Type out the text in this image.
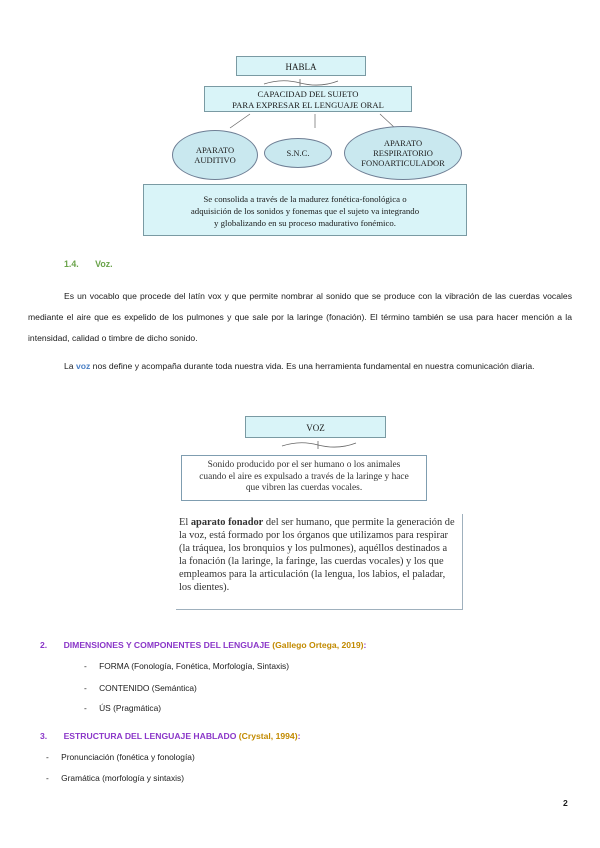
HABLA
CAPACIDAD DEL SUJETO
PARA EXPRESAR EL LENGUAJE ORAL
APARATO
AUDITIVO
S.N.C.
APARATO
RESPIRATORIO
FONOARTICULADOR
Se consolida a través de la madurez fonética-fonológica o
adquisición de los sonidos y fonemas que el sujeto va integrando
y globalizando en su proceso madurativo fonémico.
1.4. Voz.
Es un vocablo que procede del latín vox y que permite nombrar al sonido que se produce con la vibración de las cuerdas vocales mediante el aire que es expelido de los pulmones y que sale por la laringe (fonación). El término también se usa para hacer mención a la intensidad, calidad o timbre de dicho sonido.
La voz nos define y acompaña durante toda nuestra vida. Es una herramienta fundamental en nuestra comunicación diaria.
VOZ
Sonido producido por el ser humano o los animales
cuando el aire es expulsado a través de la laringe y hace
que vibren las cuerdas vocales.
El aparato fonador del ser humano, que permite la generación de la voz, está formado por los órganos que utilizamos para respirar (la tráquea, los bronquios y los pulmones), aquéllos destinados a la fonación (la laringe, la faringe, las cuerdas vocales) y los que empleamos para la articulación (la lengua, los labios, el paladar, los dientes).
2. DIMENSIONES Y COMPONENTES DEL LENGUAJE (Gallego Ortega, 2019):
- FORMA (Fonología, Fonética, Morfología, Sintaxis)
- CONTENIDO (Semántica)
- ÚS (Pragmática)
3. ESTRUCTURA DEL LENGUAJE HABLADO (Crystal, 1994):
- Pronunciación (fonética y fonología)
- Gramática (morfología y sintaxis)
2
